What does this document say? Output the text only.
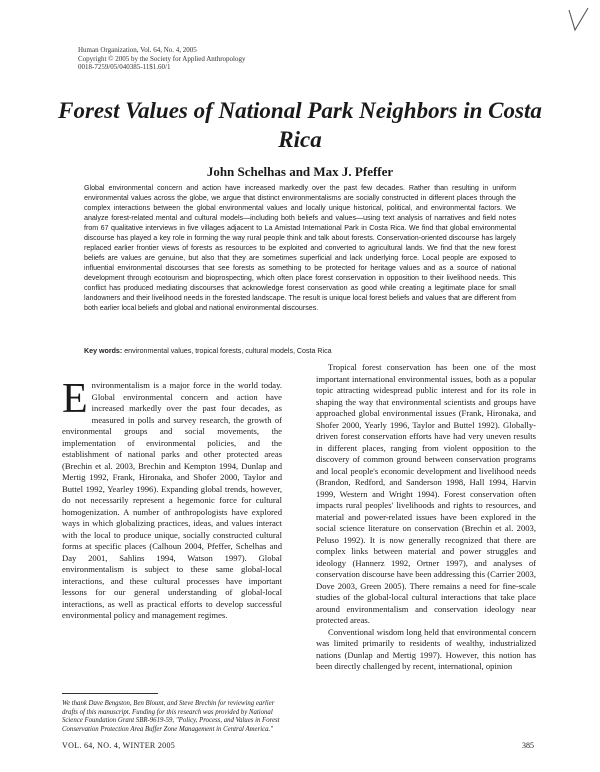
Human Organization, Vol. 64, No. 4, 2005
Copyright © 2005 by the Society for Applied Anthropology
0018-7259/05/040385-11$1.60/1
Forest Values of National Park Neighbors in Costa Rica
John Schelhas and Max J. Pfeffer

Global environmental concern and action have increased markedly over the past few decades. Rather than resulting in uniform environmental values across the globe, we argue that distinct environmentalisms are socially constructed in different places through the complex interactions between the global environmental values and locally unique historical, political, and environmental factors. We analyze forest-related mental and cultural models—including both beliefs and values—using text analysis of narratives and field notes from 67 qualitative interviews in five villages adjacent to La Amistad International Park in Costa Rica. We find that global environmental discourse has played a key role in forming the way rural people think and talk about forests. Conservation-oriented discourse has largely replaced earlier frontier views of forests as resources to be exploited and converted to agricultural lands. We find that the new forest beliefs are values are genuine, but also that they are sometimes superficial and lack underlying force. Local people are exposed to influential environmental discourses that see forests as something to be protected for heritage values and as a source of national development through ecotourism and bioprospecting, which often place forest conservation in opposition to their livelihood needs. This conflict has produced mediating discourses that acknowledge forest conservation as good while creating a legitimate place for small landowners and their livelihood needs in the forested landscape. The result is unique local forest beliefs and values that are different from both earlier local beliefs and global and national environmental discourses.

Key words: environmental values, tropical forests, cultural models, Costa Rica
E nvironmentalism is a major force in the world today. Global environmental concern and action have increased markedly over the past four decades, as measured in polls and survey research, the growth of environmental groups and social movements, the implementation of environmental policies, and the establishment of national parks and other protected areas (Brechin et al. 2003, Brechin and Kempton 1994, Dunlap and Mertig 1992, Frank, Hironaka, and Shofer 2000, Taylor and Buttel 1992, Yearley 1996). Expanding global trends, however, do not necessarily represent a hegemonic force for cultural homogenization. A number of anthropologists have explored ways in which globalizing practices, ideas, and values interact with the local to produce unique, socially constructed cultural forms at specific places (Calhoun 2004, Pfeffer, Schelhas and Day 2001, Sahlins 1994, Watson 1997). Global environmentalism is subject to these same global-local interactions, and these cultural processes have important lessons for our general understanding of global-local interactions, as well as practical efforts to develop successful environmental policy and management regimes.

Tropical forest conservation has been one of the most important international environmental issues, both as a popular topic attracting widespread public interest and for its role in shaping the way that environmental scientists and groups have approached global environmental issues (Frank, Hironaka, and Shofer 2000, Yearly 1996, Taylor and Buttel 1992). Globally-driven forest conservation efforts have had very uneven results in different places, ranging from violent opposition to the discovery of common ground between conservation programs and local people's economic development and livelihood needs (Brandon, Redford, and Sanderson 1998, Hall 1994, Harvin 1999, Western and Wright 1994). Forest conservation often impacts rural peoples' livelihoods and rights to resources, and material and power-related issues have been explored in the social science literature on conservation (Brechin et al. 2003, Peluso 1992). It is now generally recognized that there are complex links between material and power struggles and ideology (Hannerz 1992, Ortner 1997), and analyses of conservation discourse have been addressing this (Carrier 2003, Dove 2003, Green 2005). There remains a need for fine-scale studies of the global-local cultural interactions that take place around environmentalism and conservation ideology near protected areas.

Conventional wisdom long held that environmental concern was limited primarily to residents of wealthy, industrialized nations (Dunlap and Mertig 1997). However, this notion has been directly challenged by recent, international, opinion

We thank Dave Bengston, Ben Blount, and Steve Brechin for reviewing earlier drafts of this manuscript. Funding for this research was provided by National Science Foundation Grant SBR-9619-59, "Policy, Process, and Values in Forest Conservation Protection Area Buffer Zone Management in Central America."

VOL. 64, NO. 4, WINTER 2005	385
